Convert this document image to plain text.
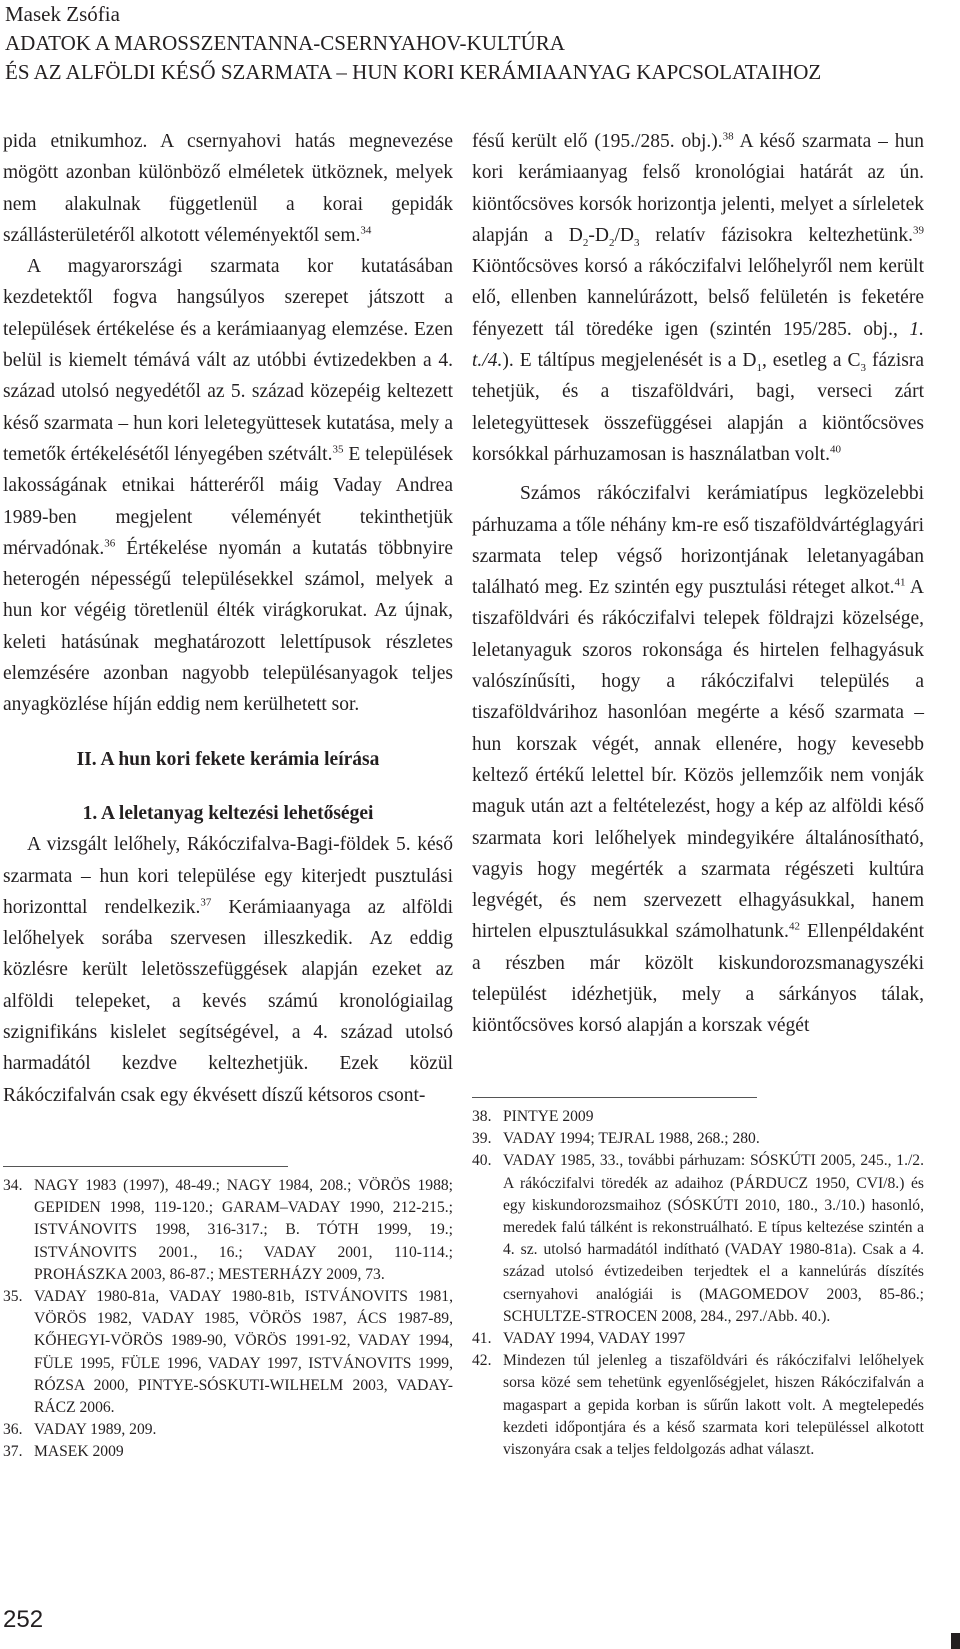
Masek Zsófia
ADATOK A MAROSSZENTANNA-CSERNYAHOV-KULTÚRA
ÉS AZ ALFÖLDI KÉSŐ SZARMATA – HUN KORI KERÁMIAANYAG KAPCSOLATAIHOZ

pida etnikumhoz. A csernyahovi hatás megnevezése mögött azonban különböző elméletek ütköznek, melyek nem alakulnak függetlenül a korai gepidák szállásterületéről alkotott véleményektől sem.$^{34}$

A magyarországi szarmata kor kutatásában kezdetektől fogva hangsúlyos szerepet játszott a települések értékelése és a kerámiaanyag elemzése. Ezen belül is kiemelt témává vált az utóbbi évtizedekben a 4. század utolsó negyedétől az 5. század közepéig keltezett késő szarmata – hun kori leletegyüttesek kutatása, mely a temetők értékelésétől lényegében szétvált.$^{35}$ E települések lakosságának etnikai hátteréről máig Vaday Andrea 1989-ben megjelent véleményét tekinthetjük mérvadónak.$^{36}$ Értékelése nyomán a kutatás többnyire heterogén népességű településekkel számol, melyek a hun kor végéig töretlenül élték virágkorukat. Az újnak, keleti hatásúnak meghatározott lelettípusok részletes elemzésére azonban nagyobb településanyagok teljes anyagközlése híján eddig nem kerülhetett sor.

II. A hun kori fekete kerámia leírása

1. A leletanyag keltezési lehetőségei

A vizsgált lelőhely, Rákóczifalva-Bagi-földek 5. késő szarmata – hun kori települése egy kiterjedt pusztulási horizonttal rendelkezik.$^{37}$ Kerámiaanyaga az alföldi lelőhelyek sorába szervesen illeszkedik. Az eddig közlésre került leletösszefüggések alapján ezeket az alföldi telepeket, a kevés számú kronológiailag szignifikáns kislelet segítségével, a 4. század utolsó harmadától kezdve keltezhetjük. Ezek közül Rákóczifalván csak egy ékvésett díszű kétsoros csont-

fésű került elő (195./285. obj.).$^{38}$ A késő szarmata – hun kori kerámiaanyag felső kronológiai határát az ún. kiöntőcsöves korsók horizontja jelenti, melyet a sírleletek alapján a $D_2-D_2/D_3$ relatív fázisokra keltezhetünk.$^{39}$ Kiöntőcsöves korsó a rákóczifalvi lelőhelyről nem került elő, ellenben kannelúrázott, belső felületén is feketére fényezett tál töredéke igen (szintén 195/285. obj., 1. t./4.). E táltípus megjelenését is a $D_1$, esetleg a $C_3$ fázisra tehetjük, és a tiszaföldvári, bagi, verseci zárt leletegyüttesek összefüggései alapján a kiöntőcsöves korsókkal párhuzamosan is használatban volt.$^{40}$

Számos rákóczifalvi kerámiatípus legközelebbi párhuzama a tőle néhány km-re eső tiszaföldvártéglagyári szarmata telep végső horizontjának leletanyagában található meg. Ez szintén egy pusztulási réteget alkot.$^{41}$ A tiszaföldvári és rákóczifalvi telepek földrajzi közelsége, leletanyaguk szoros rokonsága és hirtelen felhagyásuk valószínűsíti, hogy a rákóczifalvi település a tiszaföldvárihoz hasonlóan megérte a késő szarmata – hun korszak végét, annak ellenére, hogy kevesebb keltező értékű lelettel bír. Közös jellemzőik nem vonják maguk után azt a feltételezést, hogy a kép az alföldi késő szarmata kori lelőhelyek mindegyikére általánosítható, vagyis hogy megérték a szarmata régészeti kultúra legvégét, és nem szervezett elhagyásukkal, hanem hirtelen elpusztulásukkal számolhatunk.$^{42}$ Ellenpéldaként a részben már közölt kiskundorozsmanagyszéki települést idézhetjük, mely a sárkányos tálak, kiöntőcsöves korsó alapján a korszak végét

34. NAGY 1983 (1997), 48-49.; NAGY 1984, 208.; VÖRÖS 1988; GEPIDEN 1998, 119-120.; GARAM–VADAY 1990, 212-215.; ISTVÁNOVITS 1998, 316-317.; B. TÓTH 1999, 19.; ISTVÁNOVITS 2001., 16.; VADAY 2001, 110-114.; PROHÁSZKA 2003, 86-87.; MESTERHÁZY 2009, 73.
35. VADAY 1980-81a, VADAY 1980-81b, ISTVÁNOVITS 1981, VÖRÖS 1982, VADAY 1985, VÖRÖS 1987, ÁCS 1987-89, KŐHEGYI-VÖRÖS 1989-90, VÖRÖS 1991-92, VADAY 1994, FÜLE 1995, FÜLE 1996, VADAY 1997, ISTVÁNOVITS 1999, RÓZSA 2000, PINTYE-SÓSKUTI-WILHELM 2003, VADAY-RÁCZ 2006.
36. VADAY 1989, 209.
37. MASEK 2009
38. PINTYE 2009
39. VADAY 1994; TEJRAL 1988, 268.; 280.
40. VADAY 1985, 33., további párhuzam: SÓSKÚTI 2005, 245., 1./2. A rákóczifalvi töredék az adaihoz (PÁRDUCZ 1950, CVI/8.) és egy kiskundorozsmaihoz (SÓSKÚTI 2010, 180., 3./10.) hasonló, meredek falú tálként is rekonstruálható. E típus keltezése szintén a 4. sz. utolsó harmadától indítható (VADAY 1980-81a). Csak a 4. század utolsó évtizedeiben terjedtek el a kannelúrás díszítés csernyahovi analógiái is (MAGOMEDOV 2003, 85-86.; SCHULTZE-STROCEN 2008, 284., 297./Abb. 40.).
41. VADAY 1994, VADAY 1997
42. Mindezen túl jelenleg a tiszaföldvári és rákóczifalvi lelőhelyek sorsa közé sem tehetünk egyenlőségjelet, hiszen Rákóczifalván a magaspart a gepida korban is sűrűn lakott volt. A megtelepedés kezdeti időpontjára és a késő szarmata kori településsel alkotott viszonyára csak a teljes feldolgozás adhat választ.
252
